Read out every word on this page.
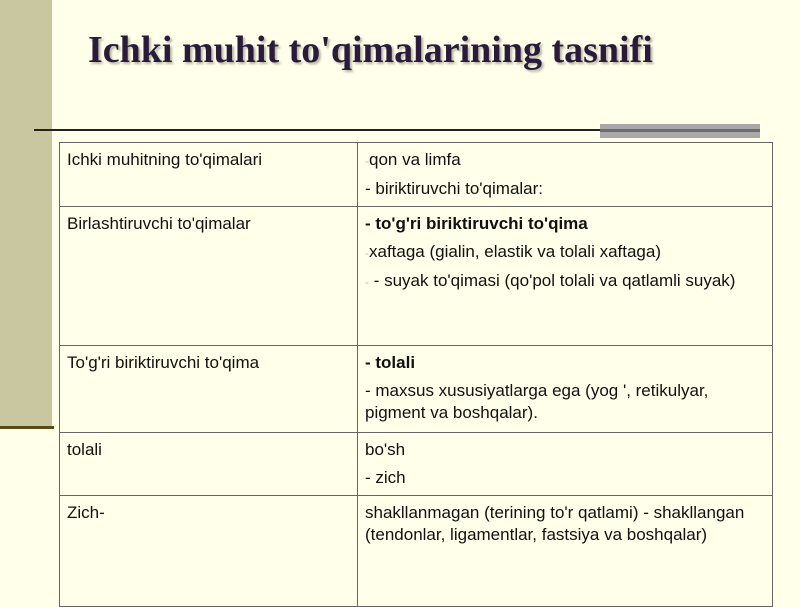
Ichki muhit to'qimalarining tasnifi
Ichki muhitning to'qimalari	-qon va limfa
- biriktiruvchi to'qimalar:

Birlashtiruvchi to'qimalar	- to'g'ri biriktiruvchi to'qima
-xaftaga (gialin, elastik va tolali xaftaga)
- - suyak to'qimasi (qo'pol tolali va qatlamli suyak)

To'g'ri biriktiruvchi to'qima	- tolali
- maxsus xususiyatlarga ega (yog ', retikulyar, pigment va boshqalar).

tolali	bo'sh
- zich

Zich-	shakllanmagan (terining to'r qatlami) - shakllangan (tendonlar, ligamentlar, fastsiya va boshqalar)
